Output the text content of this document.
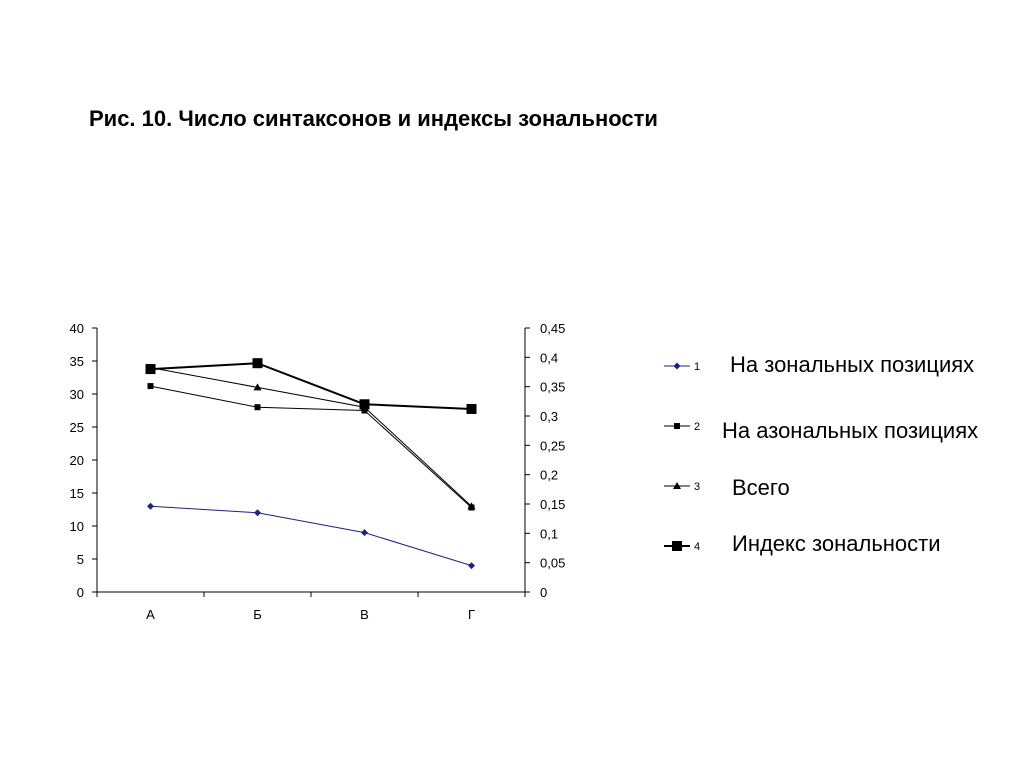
Рис. 10. Число синтаксонов и индексы зональности
0
5
10
15
20
25
30
35
40
0
0,05
0,1
0,15
0,2
0,25
0,3
0,35
0,4
0,45
А	Б	В	Г
1
2
3
4
На зональных позициях
На азональных позициях
Всего
Индекс зональности
